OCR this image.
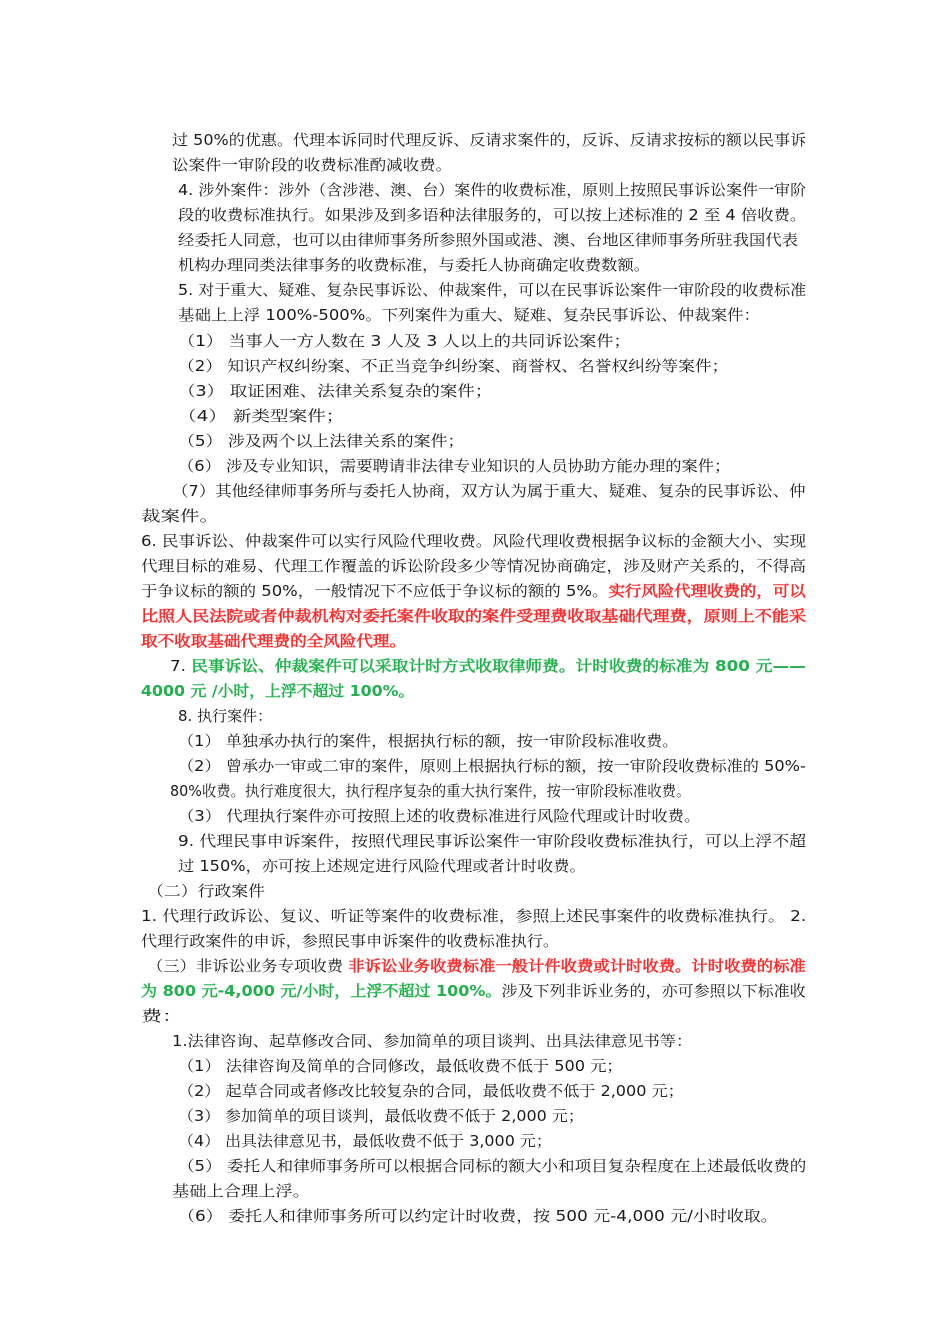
过 50%的优惠。代理本诉同时代理反诉、反请求案件的，反诉、反请求按标的额以民事诉
讼案件一审阶段的收费标准酌减收费。
4. 涉外案件：涉外（含涉港、澳、台）案件的收费标准，原则上按照民事诉讼案件一审阶
段的收费标准执行。如果涉及到多语种法律服务的，可以按上述标准的 2 至 4 倍收费。
经委托人同意，也可以由律师事务所参照外国或港、澳、台地区律师事务所驻我国代表
机构办理同类法律事务的收费标准，与委托人协商确定收费数额。
5. 对于重大、疑难、复杂民事诉讼、仲裁案件，可以在民事诉讼案件一审阶段的收费标准
基础上上浮 100%-500%。下列案件为重大、疑难、复杂民事诉讼、仲裁案件：
（1） 当事人一方人数在 3 人及 3 人以上的共同诉讼案件；
（2） 知识产权纠纷案、不正当竞争纠纷案、商誉权、名誉权纠纷等案件；
（3） 取证困难、法律关系复杂的案件；
（4） 新类型案件；
（5） 涉及两个以上法律关系的案件；
（6） 涉及专业知识，需要聘请非法律专业知识的人员协助方能办理的案件；
（7）其他经律师事务所与委托人协商，双方认为属于重大、疑难、复杂的民事诉讼、仲
裁案件。
6. 民事诉讼、仲裁案件可以实行风险代理收费。风险代理收费根据争议标的金额大小、实现
代理目标的难易、代理工作覆盖的诉讼阶段多少等情况协商确定，涉及财产关系的，不得高
于争议标的额的 50%，一般情况下不应低于争议标的额的 5%。实行风险代理收费的，可以
比照人民法院或者仲裁机构对委托案件收取的案件受理费收取基础代理费，原则上不能采
取不收取基础代理费的全风险代理。
7. 民事诉讼、仲裁案件可以采取计时方式收取律师费。计时收费的标准为 800 元——
4000 元 /小时，上浮不超过 100%。
8. 执行案件：
（1） 单独承办执行的案件，根据执行标的额，按一审阶段标准收费。
（2） 曾承办一审或二审的案件，原则上根据执行标的额，按一审阶段收费标准的 50%-
80%收费。执行难度很大，执行程序复杂的重大执行案件，按一审阶段标准收费。
（3） 代理执行案件亦可按照上述的收费标准进行风险代理或计时收费。
9. 代理民事申诉案件，按照代理民事诉讼案件一审阶段收费标准执行，可以上浮不超
过 150%，亦可按上述规定进行风险代理或者计时收费。
（二）行政案件
1. 代理行政诉讼、复议、听证等案件的收费标准，参照上述民事案件的收费标准执行。 2.
代理行政案件的申诉，参照民事申诉案件的收费标准执行。
（三）非诉讼业务专项收费 非诉讼业务收费标准一般计件收费或计时收费。计时收费的标准
为 800 元-4,000 元/小时，上浮不超过 100%。涉及下列非诉业务的，亦可参照以下标准收
费：
1.法律咨询、起草修改合同、参加简单的项目谈判、出具法律意见书等：
（1） 法律咨询及简单的合同修改，最低收费不低于 500 元；
（2） 起草合同或者修改比较复杂的合同，最低收费不低于 2,000 元；
（3） 参加简单的项目谈判，最低收费不低于 2,000 元；
（4） 出具法律意见书，最低收费不低于 3,000 元；
（5） 委托人和律师事务所可以根据合同标的额大小和项目复杂程度在上述最低收费的
基础上合理上浮。
（6） 委托人和律师事务所可以约定计时收费，按 500 元-4,000 元/小时收取。
